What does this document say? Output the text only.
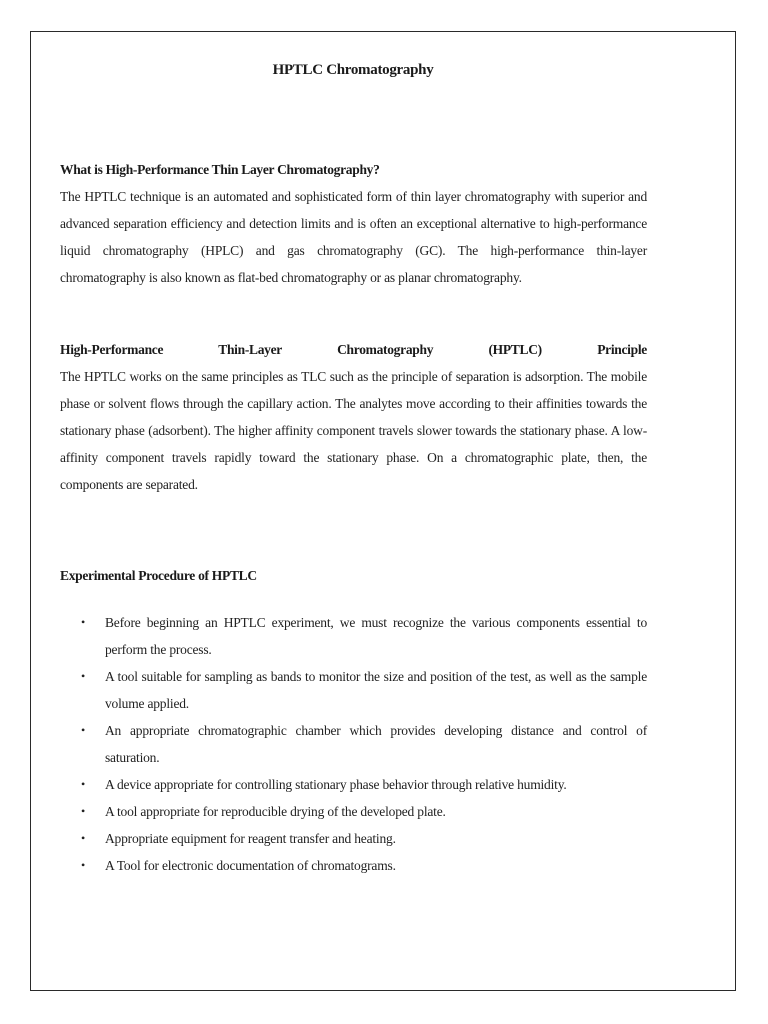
HPTLC Chromatography

What is High-Performance Thin Layer Chromatography?

The HPTLC technique is an automated and sophisticated form of thin layer chromatography with superior and advanced separation efficiency and detection limits and is often an exceptional alternative to high-performance liquid chromatography (HPLC) and gas chromatography (GC). The high-performance thin-layer chromatography is also known as flat-bed chromatography or as planar chromatography.

High-Performance Thin-Layer Chromatography (HPTLC) Principle

The HPTLC works on the same principles as TLC such as the principle of separation is adsorption. The mobile phase or solvent flows through the capillary action. The analytes move according to their affinities towards the stationary phase (adsorbent). The higher affinity component travels slower towards the stationary phase. A low-affinity component travels rapidly toward the stationary phase. On a chromatographic plate, then, the components are separated.

Experimental Procedure of HPTLC

• Before beginning an HPTLC experiment, we must recognize the various components essential to perform the process.
• A tool suitable for sampling as bands to monitor the size and position of the test, as well as the sample volume applied.
• An appropriate chromatographic chamber which provides developing distance and control of saturation.
• A device appropriate for controlling stationary phase behavior through relative humidity.
• A tool appropriate for reproducible drying of the developed plate.
• Appropriate equipment for reagent transfer and heating.
• A Tool for electronic documentation of chromatograms.
